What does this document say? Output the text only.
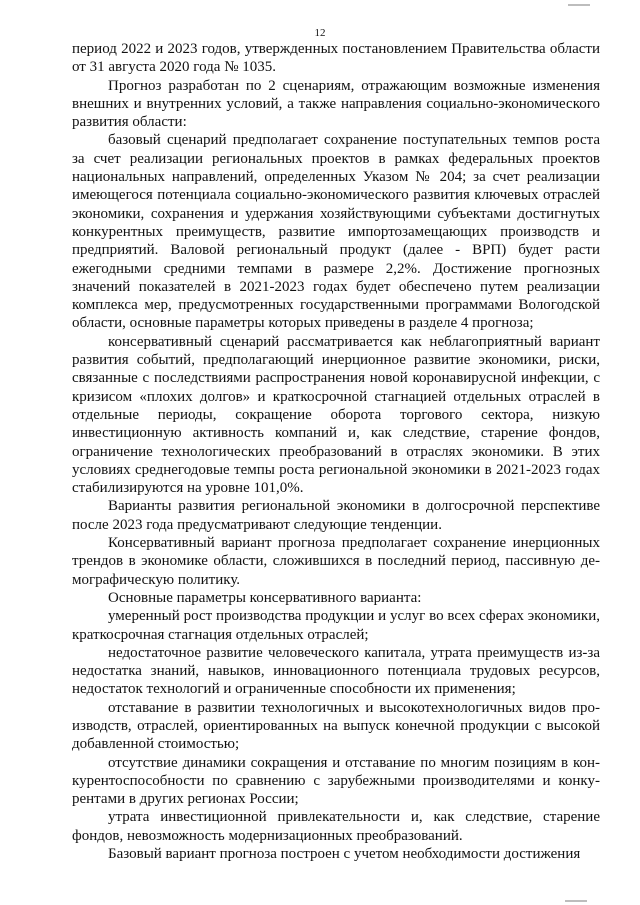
12

период 2022 и 2023 годов, утвержденных постановлением Правительства области от 31 августа 2020 года № 1035.

Прогноз разработан по 2 сценариям, отражающим возможные изменения внешних и внутренних условий, а также направления социально-экономического развития области:

базовый сценарий предполагает сохранение поступательных темпов роста за счет реализации региональных проектов в рамках федеральных проектов национальных направлений, определенных Указом № 204; за счет реализации имеющегося потенциала социально-экономического развития ключевых отраслей экономики, сохранения и удержания хозяйствующими субъектами достигнутых конкурентных преимуществ, развитие импортозамещающих производств и предприятий. Валовой региональный продукт (далее - ВРП) будет расти ежегодными средними темпами в размере 2,2%. Достижение прогнозных значений показателей в 2021-2023 годах будет обеспечено путем реализации комплекса мер, предусмотренных государственными программами Вологодской области, основные параметры которых приведены в разделе 4 прогноза;

консервативный сценарий рассматривается как неблагоприятный вариант развития событий, предполагающий инерционное развитие экономики, риски, связанные с последствиями распространения новой коронавирусной инфекции, с кризисом «плохих долгов» и краткосрочной стагнацией отдельных отраслей в отдельные периоды, сокращение оборота торгового сектора, низкую инвестиционную активность компаний и, как следствие, старение фондов, ограничение технологических преобразований в отраслях экономики. В этих условиях среднегодовые темпы роста региональной экономики в 2021-2023 годах стабилизируются на уровне 101,0%.

Варианты развития региональной экономики в долгосрочной перспективе после 2023 года предусматривают следующие тенденции.

Консервативный вариант прогноза предполагает сохранение инерционных трендов в экономике области, сложившихся в последний период, пассивную демографическую политику.

Основные параметры консервативного варианта:

умеренный рост производства продукции и услуг во всех сферах экономики, краткосрочная стагнация отдельных отраслей;

недостаточное развитие человеческого капитала, утрата преимуществ из-за недостатка знаний, навыков, инновационного потенциала трудовых ресурсов, недостаток технологий и ограниченные способности их применения;

отставание в развитии технологичных и высокотехнологичных видов производств, отраслей, ориентированных на выпуск конечной продукции с высокой добавленной стоимостью;

отсутствие динамики сокращения и отставание по многим позициям в конкурентоспособности по сравнению с зарубежными производителями и конкурентами в других регионах России;

утрата инвестиционной привлекательности и, как следствие, старение фондов, невозможность модернизационных преобразований.

Базовый вариант прогноза построен с учетом необходимости достижения
